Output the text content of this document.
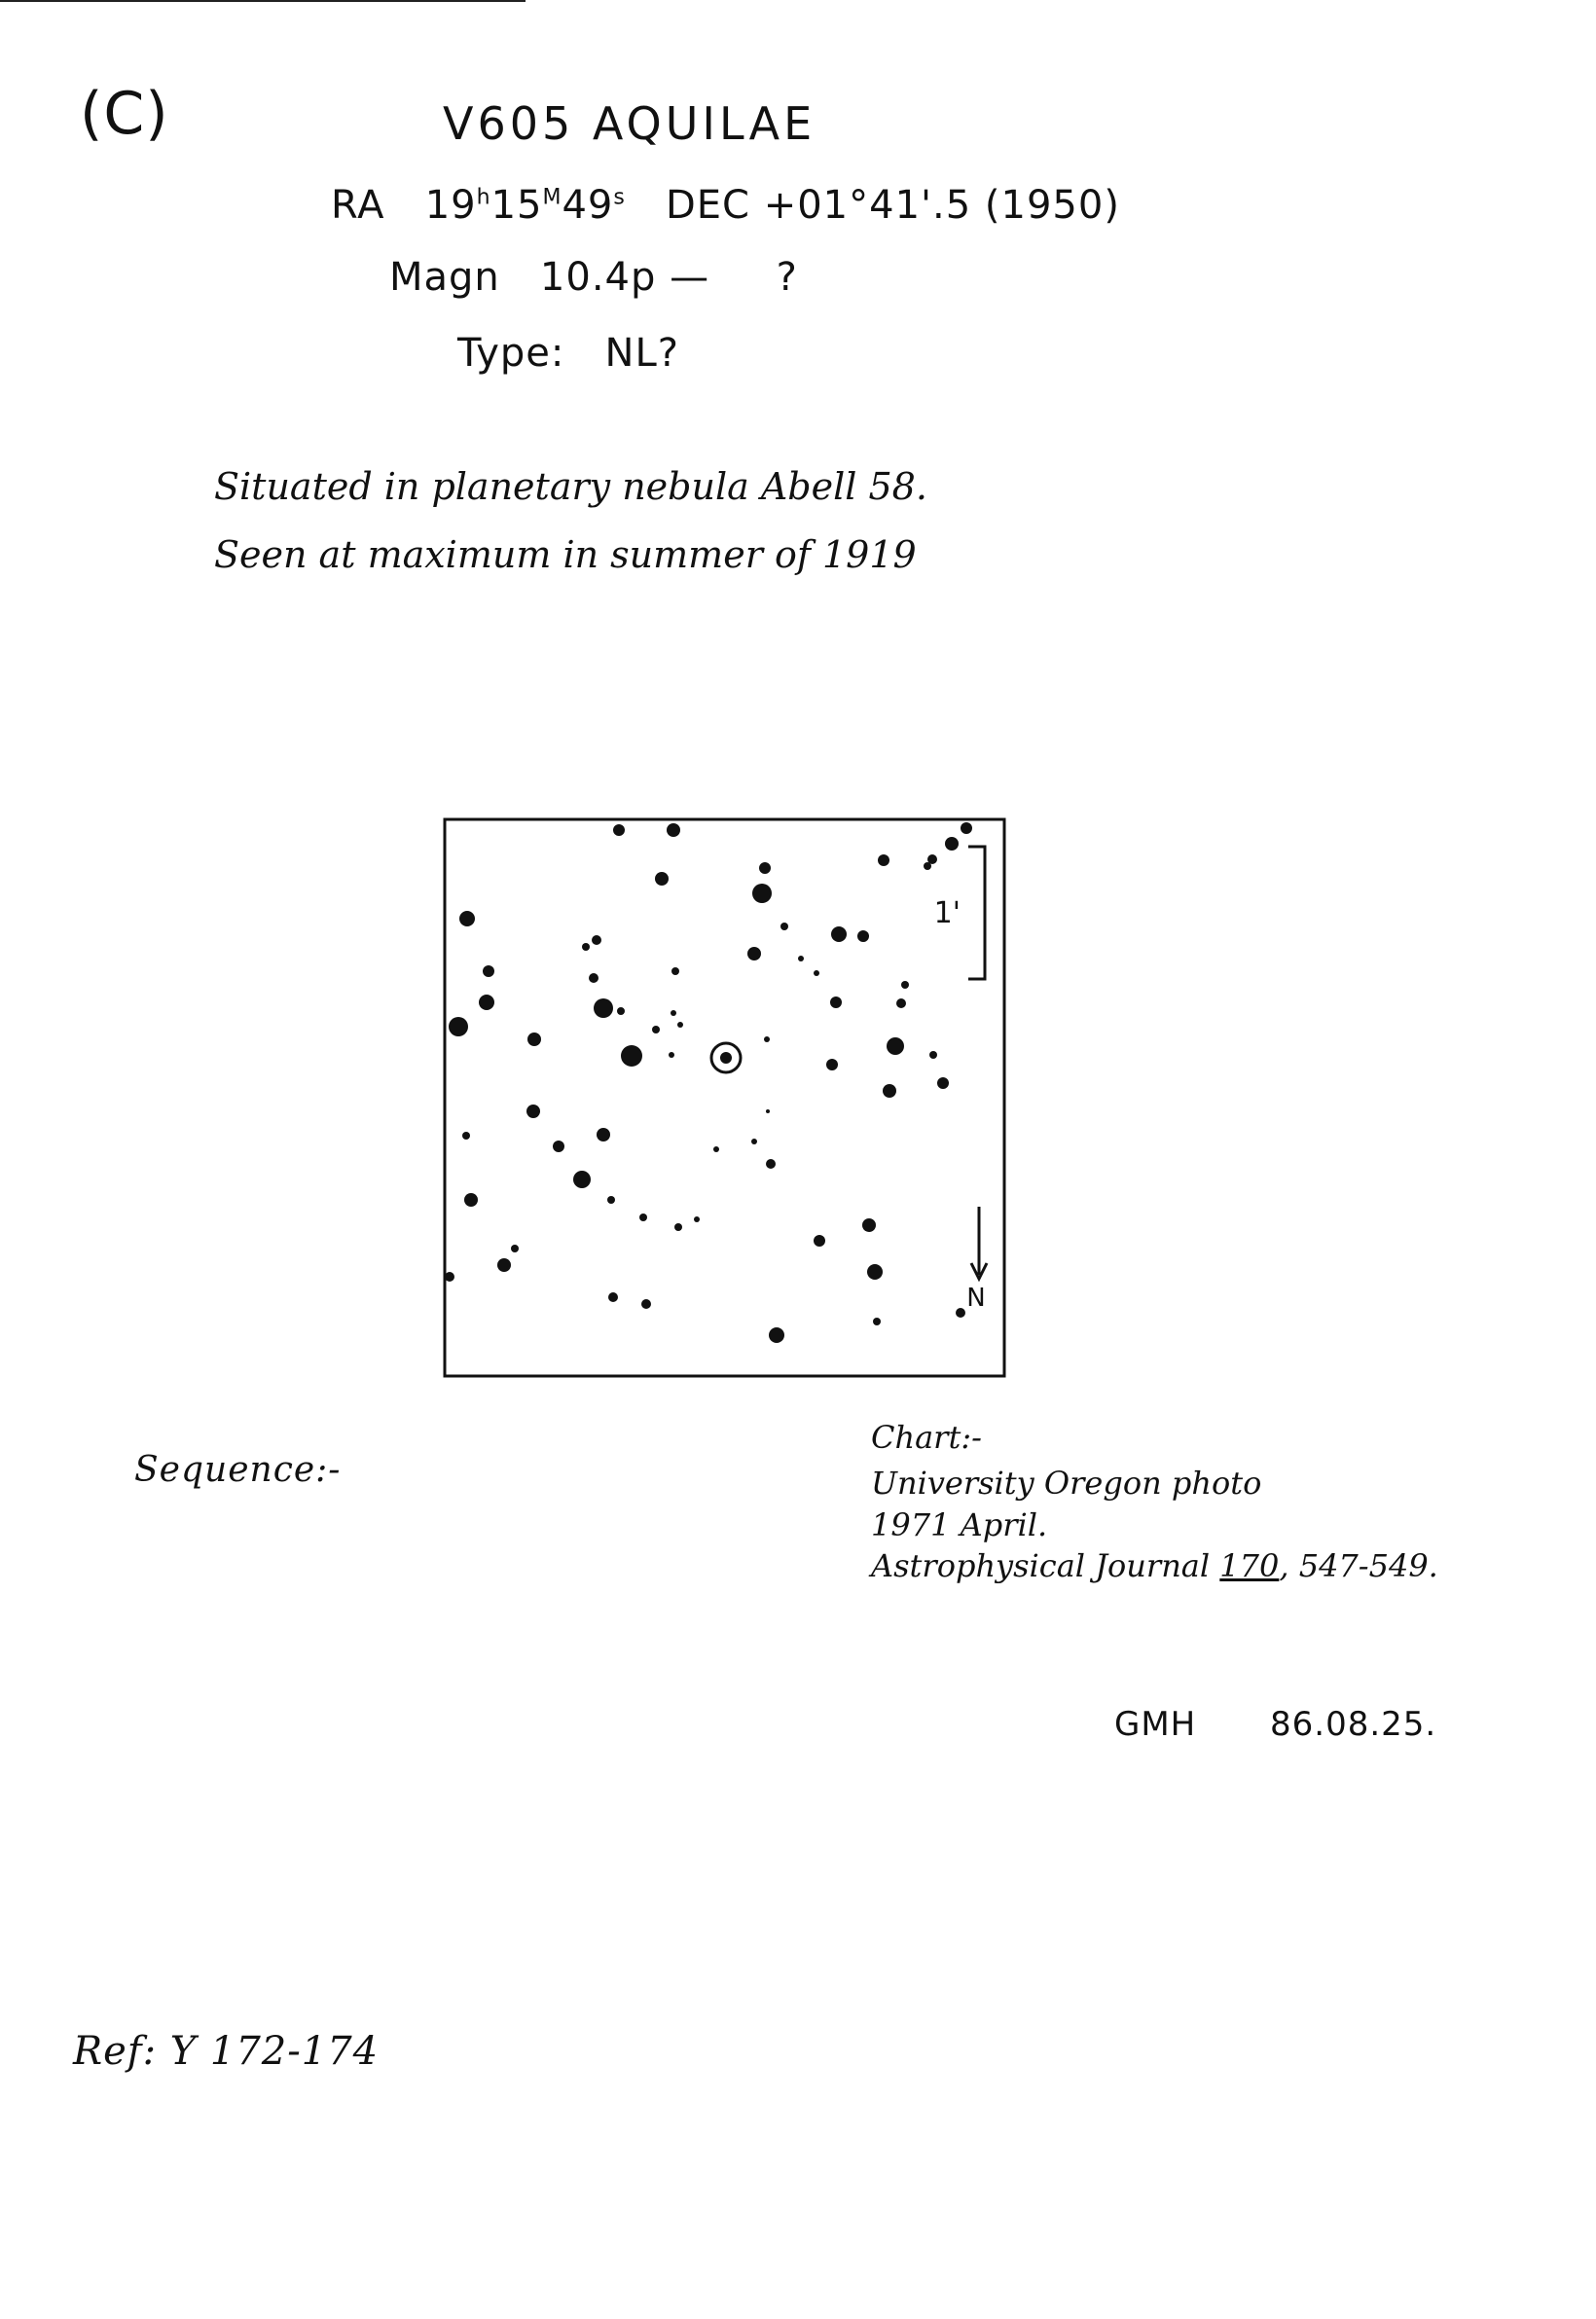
(C)	V605 AQUILAE
RA $19^h15^M49^s$ DEC +01°41'.5 (1950)
Magn 10.4p — ?
Type: NL?
Situated in planetary nebula Abell 58.
Seen at maximum in summer of 1919
1'
N
Sequence:-
Chart:-
University Oregon photo
1971 April.
Astrophysical Journal 170, 547-549.
GMH 86.08.25.
Ref: Y 172-174
